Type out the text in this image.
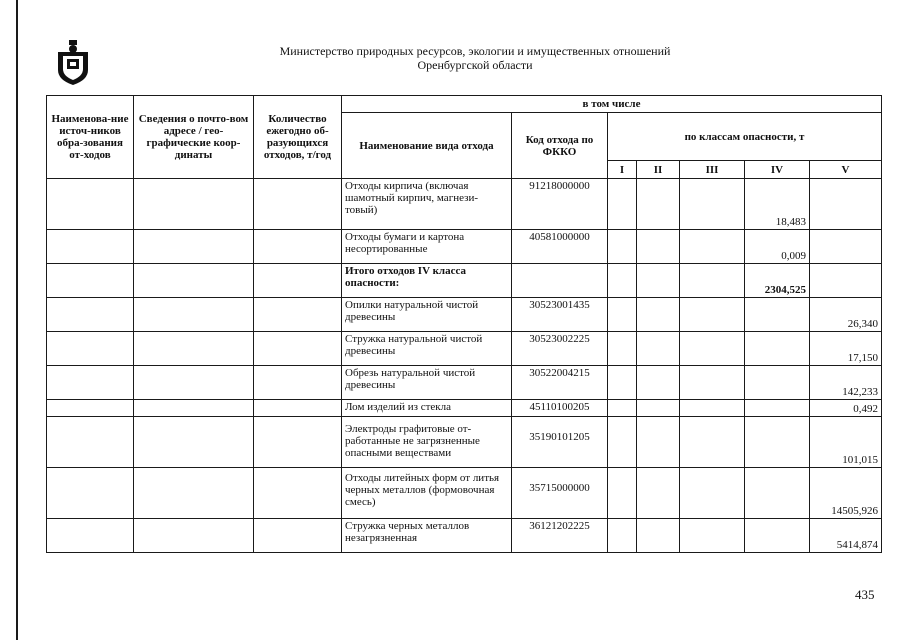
Министерство природных ресурсов, экологии и имущественных отношений
Оренбургской области
Наименова-ние источ-ников обра-зования от-ходов	Сведения о почто-вом адресе / гео-графические коор-динаты	Количество ежегодно об-разующихся отходов, т/год	в том числе						
			Наименование вида отхода	Код отхода по ФККО	по классам опасности, т				
					I	II	III	IV	V
			Отходы кирпича (включая шамотный кирпич, магнези-товый)	91218000000				18,483	
			Отходы бумаги и картона несортированные	40581000000				0,009	
			Итого отходов IV класса опасности:					2304,525	
			Опилки натуральной чистой древесины	30523001435					26,340
			Стружка натуральной чистой древесины	30523002225					17,150
			Обрезь натуральной чистой древесины	30522004215					142,233
			Лом изделий из стекла	45110100205					0,492
			Электроды графитовые от-работанные не загрязненные опасными веществами	35190101205					101,015
			Отходы литейных форм от литья черных металлов (формовочная смесь)	35715000000					14505,926
			Стружка черных металлов незагрязненная	36121202225					5414,874
435
